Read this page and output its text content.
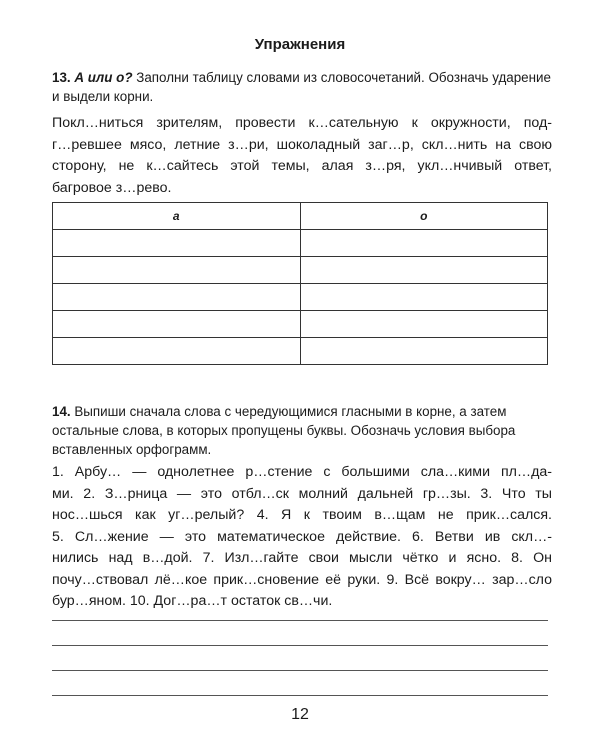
Упражнения
13. А или о? Заполни таблицу словами из словосочетаний. Обозначь ударение и выдели корни.
Покл…ниться зрителям, провести к…сательную к окружности, под-
г…ревшее мясо, летние з…ри, шоколадный заг…р, скл…нить на свою
сторону, не к…сайтесь этой темы, алая з…ря, укл…нчивый ответ,
багровое з…рево.
а	о

14. Выпиши сначала слова с чередующимися гласными в корне, а затем остальные слова, в которых пропущены буквы. Обозначь условия выбора вставленных орфограмм.
1. Арбу… — однолетнее р…стение с большими сла…кими пл…да-
ми. 2. З…рница — это отбл…ск молний дальней гр…зы. 3. Что ты
нос…шься как уг…релый? 4. Я к твоим в…щам не прик…сался.
5. Сл…жение — это математическое действие. 6. Ветви ив скл…-
нились над в…дой. 7. Изл…гайте свои мысли чётко и ясно. 8. Он
почу…ствовал лё…кое прик…сновение её руки. 9. Всё вокру… зар…сло
бур…яном. 10. Дог…ра…т остаток св…чи.
12
